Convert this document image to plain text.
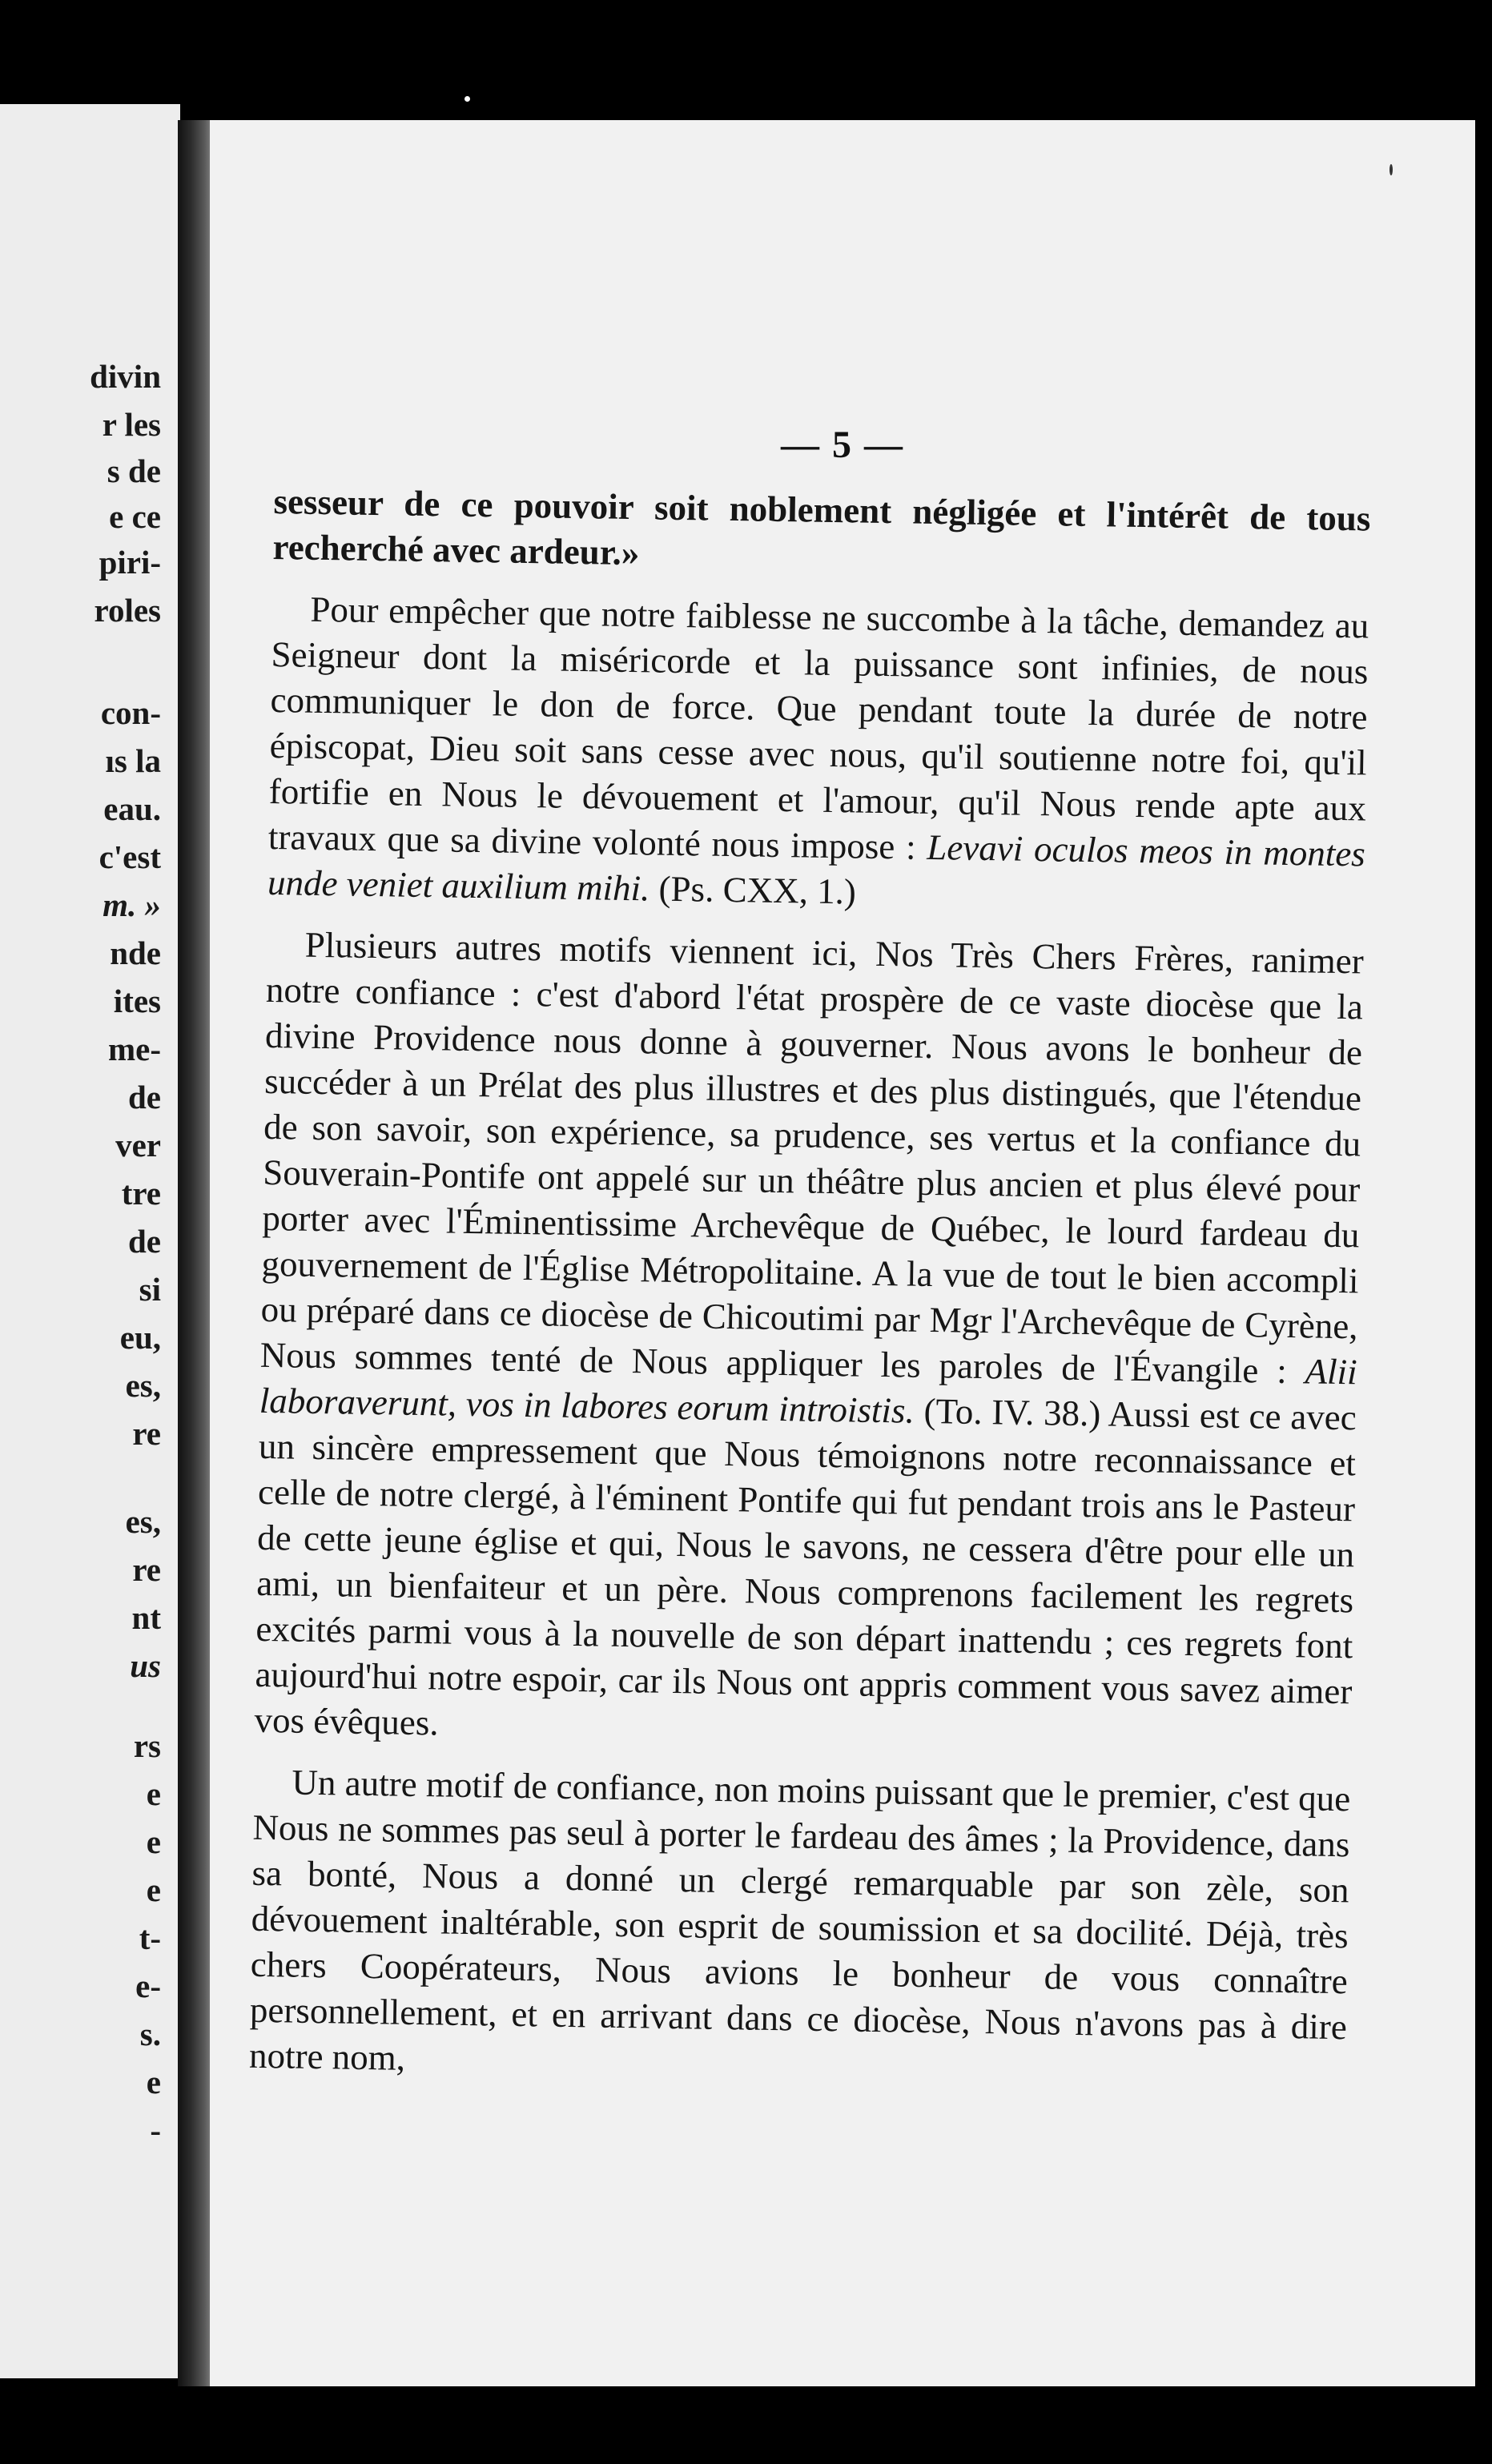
divin
r les
s de
e ce
piri-
roles
con-
ıs la
eau.
c'est
m. »
nde
ites
me-
de
ver
tre
de
si
eu,
es,
re
es,
re
nt
us
rs
e
e
e
t-
e-
s.
e
-
— 5 —

sesseur de ce pouvoir soit noblement négligée et l'intérêt de tous recherché avec ardeur.»

Pour empêcher que notre faiblesse ne succombe à la tâche, demandez au Seigneur dont la miséricorde et la puissance sont infinies, de nous communiquer le don de force. Que pendant toute la durée de notre épiscopat, Dieu soit sans cesse avec nous, qu'il soutienne notre foi, qu'il fortifie en Nous le dévouement et l'amour, qu'il Nous rende apte aux travaux que sa divine volonté nous impose : Levavi oculos meos in montes unde veniet auxilium mihi. (Ps. CXX, 1.)

Plusieurs autres motifs viennent ici, Nos Très Chers Frères, ranimer notre confiance : c'est d'abord l'état prospère de ce vaste diocèse que la divine Providence nous donne à gouverner. Nous avons le bonheur de succéder à un Prélat des plus illustres et des plus distingués, que l'étendue de son savoir, son expérience, sa prudence, ses vertus et la confiance du Souverain-Pontife ont appelé sur un théâtre plus ancien et plus élevé pour porter avec l'Éminentissime Archevêque de Québec, le lourd fardeau du gouvernement de l'Église Métropolitaine. A la vue de tout le bien accompli ou préparé dans ce diocèse de Chicoutimi par Mgr l'Archevêque de Cyrène, Nous sommes tenté de Nous appliquer les paroles de l'Évangile : Alii laboraverunt, vos in labores eorum introistis. (To. IV. 38.) Aussi est ce avec un sincère empressement que Nous témoignons notre reconnaissance et celle de notre clergé, à l'éminent Pontife qui fut pendant trois ans le Pasteur de cette jeune église et qui, Nous le savons, ne cessera d'être pour elle un ami, un bienfaiteur et un père. Nous comprenons facilement les regrets excités parmi vous à la nouvelle de son départ inattendu ; ces regrets font aujourd'hui notre espoir, car ils Nous ont appris comment vous savez aimer vos évêques.

Un autre motif de confiance, non moins puissant que le premier, c'est que Nous ne sommes pas seul à porter le fardeau des âmes ; la Providence, dans sa bonté, Nous a donné un clergé remarquable par son zèle, son dévouement inaltérable, son esprit de soumission et sa docilité. Déjà, très chers Coopérateurs, Nous avions le bonheur de vous connaître personnellement, et en arrivant dans ce diocèse, Nous n'avons pas à dire notre nom,
